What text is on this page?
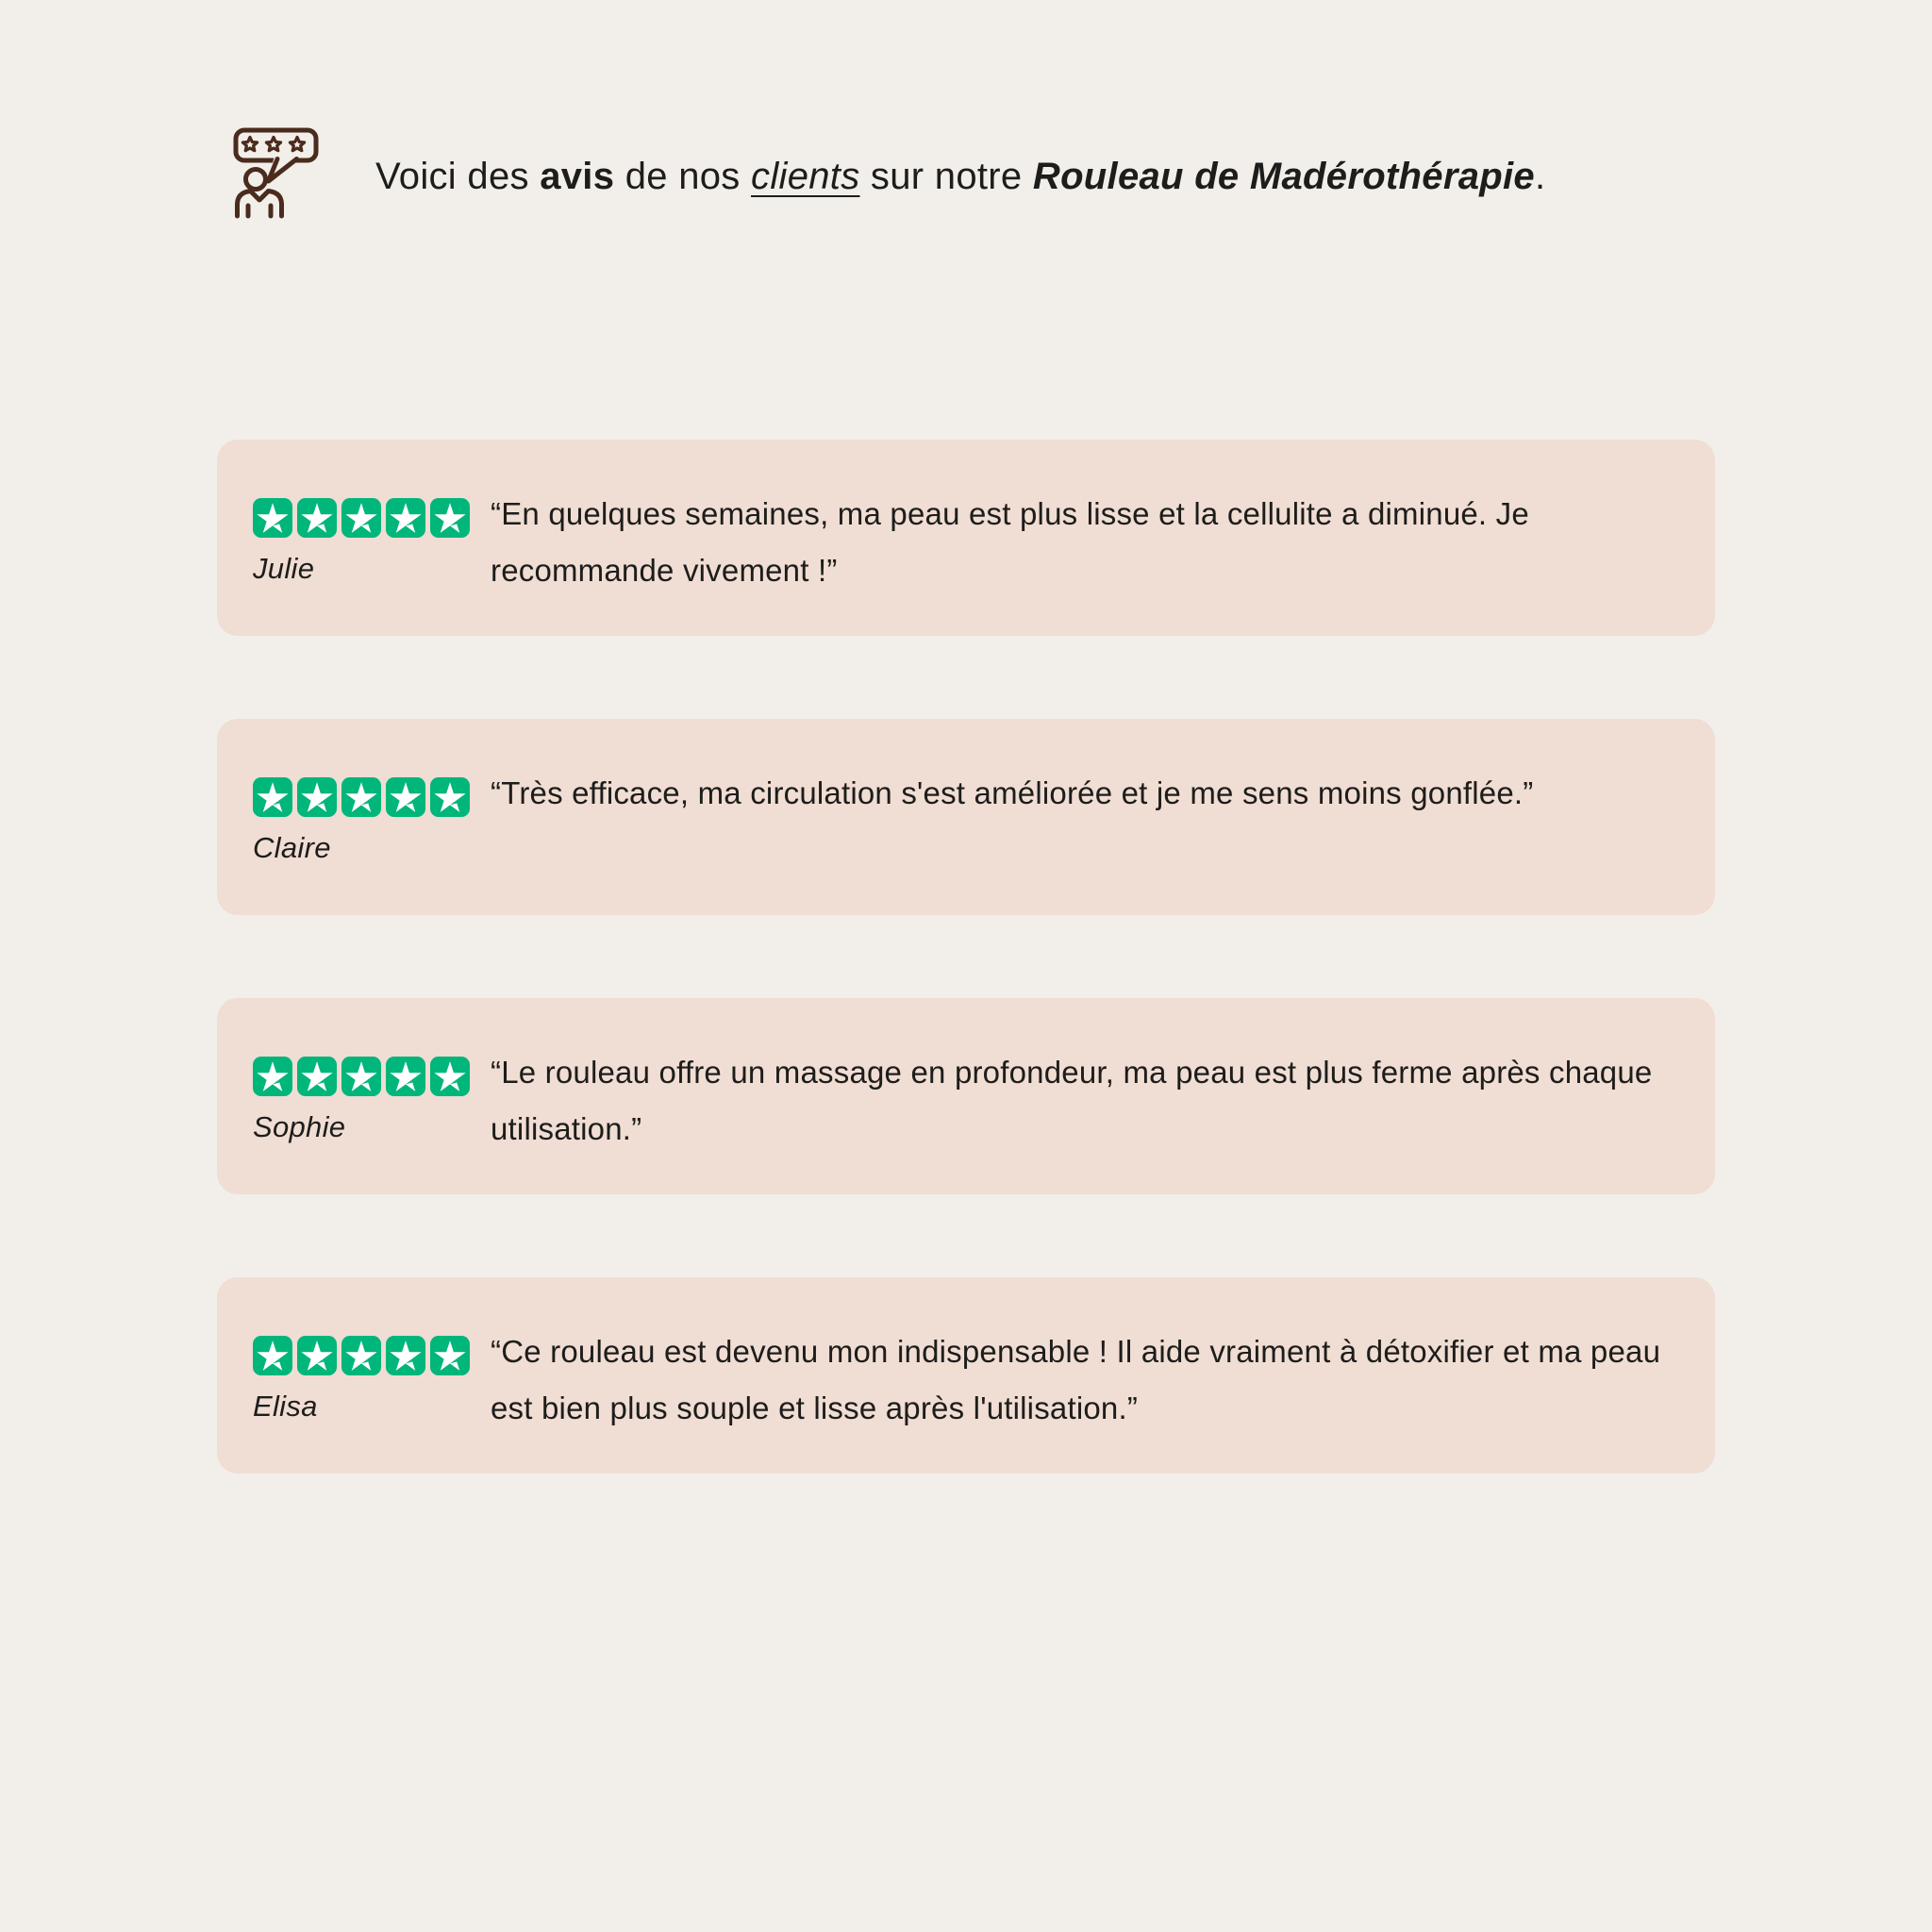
Voici des avis de nos clients sur notre Rouleau de Madérothérapie.
Julie

“En quelques semaines, ma peau est plus lisse et la cellulite a diminué. Je recommande vivement !”

Claire

“Très efficace, ma circulation s'est améliorée et je me sens moins gonflée.”

Sophie

“Le rouleau offre un massage en profondeur, ma peau est plus ferme après chaque utilisation.”

Elisa

“Ce rouleau est devenu mon indispensable ! Il aide vraiment à détoxifier et ma peau est bien plus souple et lisse après l'utilisation.”
